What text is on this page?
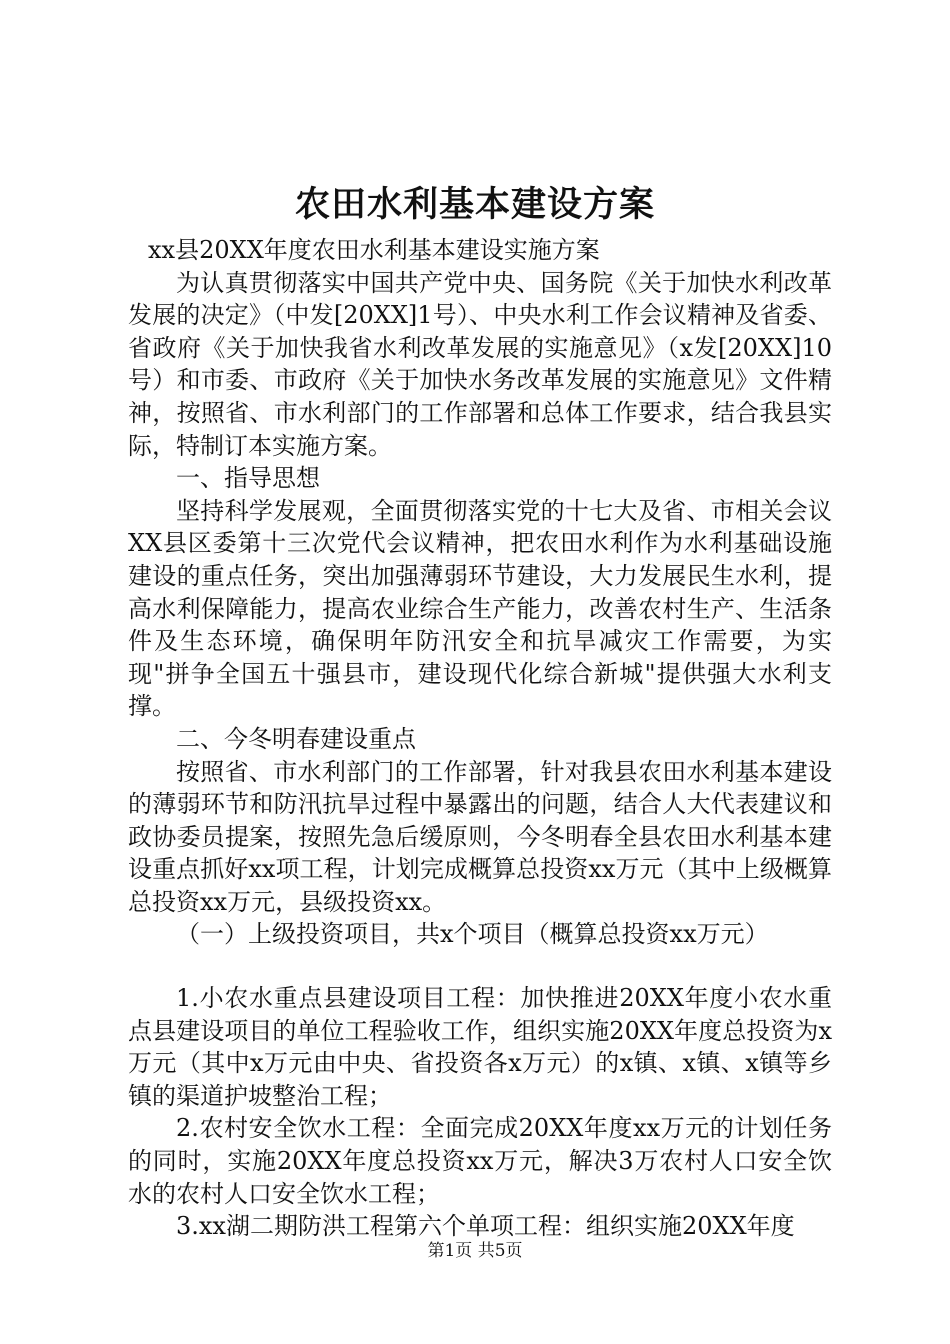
农田水利基本建设方案

xx县20XX年度农田水利基本建设实施方案

为认真贯彻落实中国共产党中央、国务院《关于加快水利改革发展的决定》（中发[20XX]1号）、中央水利工作会议精神及省委、省政府《关于加快我省水利改革发展的实施意见》（x发[20XX]10号）和市委、市政府《关于加快水务改革发展的实施意见》文件精神，按照省、市水利部门的工作部署和总体工作要求，结合我县实际，特制订本实施方案。

一、指导思想

坚持科学发展观，全面贯彻落实党的十七大及省、市相关会议XX县区委第十三次党代会议精神，把农田水利作为水利基础设施建设的重点任务，突出加强薄弱环节建设，大力发展民生水利，提高水利保障能力，提高农业综合生产能力，改善农村生产、生活条件及生态环境，确保明年防汛安全和抗旱减灾工作需要，为实现"拼争全国五十强县市，建设现代化综合新城"提供强大水利支撑。

二、今冬明春建设重点

按照省、市水利部门的工作部署，针对我县农田水利基本建设的薄弱环节和防汛抗旱过程中暴露出的问题，结合人大代表建议和政协委员提案，按照先急后缓原则，今冬明春全县农田水利基本建设重点抓好xx项工程，计划完成概算总投资xx万元（其中上级概算总投资xx万元，县级投资xx。

（一）上级投资项目，共x个项目（概算总投资xx万元）

1.小农水重点县建设项目工程：加快推进20XX年度小农水重点县建设项目的单位工程验收工作，组织实施20XX年度总投资为x万元（其中x万元由中央、省投资各x万元）的x镇、x镇、x镇等乡镇的渠道护坡整治工程；

2.农村安全饮水工程：全面完成20XX年度xx万元的计划任务的同时，实施20XX年度总投资xx万元，解决3万农村人口安全饮水的农村人口安全饮水工程；

3.xx湖二期防洪工程第六个单项工程：组织实施20XX年度

第1页 共5页
